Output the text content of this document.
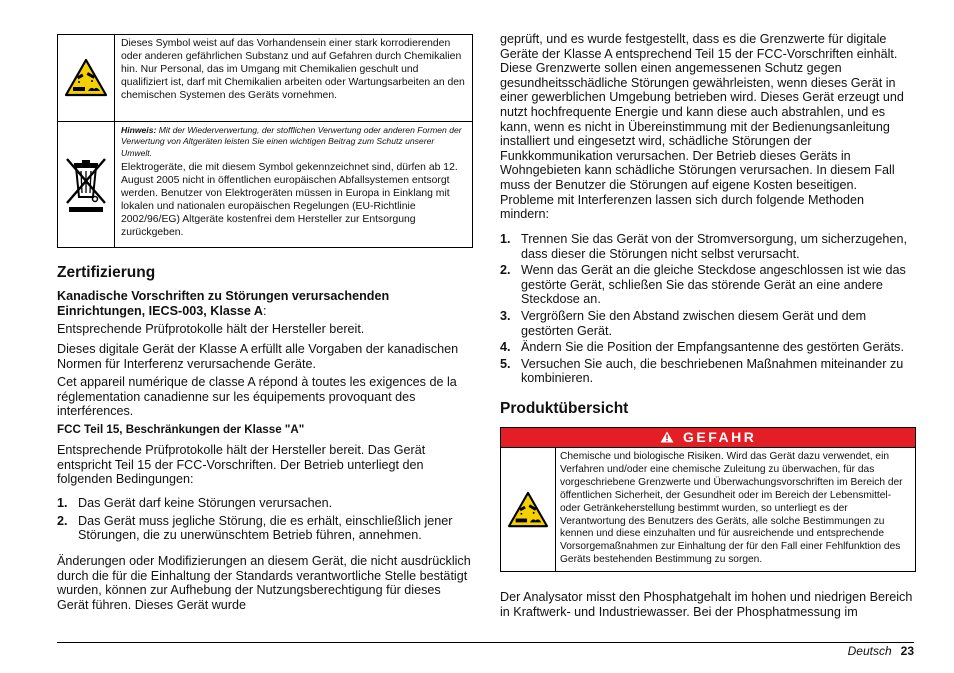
Dieses Symbol weist auf das Vorhandensein einer stark korrodierenden oder anderen gefährlichen Substanz und auf Gefahren durch Chemikalien hin. Nur Personal, das im Umgang mit Chemikalien geschult und qualifiziert ist, darf mit Chemikalien arbeiten oder Wartungsarbeiten an den chemischen Systemen des Geräts vornehmen.

Hinweis: Mit der Wiederverwertung, der stofflichen Verwertung oder anderen Formen der Verwertung von Altgeräten leisten Sie einen wichtigen Beitrag zum Schutz unserer Umwelt.

Elektrogeräte, die mit diesem Symbol gekennzeichnet sind, dürfen ab 12. August 2005 nicht in öffentlichen europäischen Abfallsystemen entsorgt werden. Benutzer von Elektrogeräten müssen in Europa in Einklang mit lokalen und nationalen europäischen Regelungen (EU-Richtlinie 2002/96/EG) Altgeräte kostenfrei dem Hersteller zur Entsorgung zurückgeben.

Zertifizierung
Kanadische Vorschriften zu Störungen verursachenden Einrichtungen, IECS-003, Klasse A:

Entsprechende Prüfprotokolle hält der Hersteller bereit.

Dieses digitale Gerät der Klasse A erfüllt alle Vorgaben der kanadischen Normen für Interferenz verursachende Geräte.

Cet appareil numérique de classe A répond à toutes les exigences de la réglementation canadienne sur les équipements provoquant des interférences.

FCC Teil 15, Beschränkungen der Klasse "A"

Entsprechende Prüfprotokolle hält der Hersteller bereit. Das Gerät entspricht Teil 15 der FCC-Vorschriften. Der Betrieb unterliegt den folgenden Bedingungen:

1. Das Gerät darf keine Störungen verursachen.
2. Das Gerät muss jegliche Störung, die es erhält, einschließlich jener Störungen, die zu unerwünschtem Betrieb führen, annehmen.

Änderungen oder Modifizierungen an diesem Gerät, die nicht ausdrücklich durch die für die Einhaltung der Standards verantwortliche Stelle bestätigt wurden, können zur Aufhebung der Nutzungsberechtigung für dieses Gerät führen. Dieses Gerät wurde

geprüft, und es wurde festgestellt, dass es die Grenzwerte für digitale Geräte der Klasse A entsprechend Teil 15 der FCC-Vorschriften einhält. Diese Grenzwerte sollen einen angemessenen Schutz gegen gesundheitsschädliche Störungen gewährleisten, wenn dieses Gerät in einer gewerblichen Umgebung betrieben wird. Dieses Gerät erzeugt und nutzt hochfrequente Energie und kann diese auch abstrahlen, und es kann, wenn es nicht in Übereinstimmung mit der Bedienungsanleitung installiert und eingesetzt wird, schädliche Störungen der Funkkommunikation verursachen. Der Betrieb dieses Geräts in Wohngebieten kann schädliche Störungen verursachen. In diesem Fall muss der Benutzer die Störungen auf eigene Kosten beseitigen. Probleme mit Interferenzen lassen sich durch folgende Methoden mindern:

1. Trennen Sie das Gerät von der Stromversorgung, um sicherzugehen, dass dieser die Störungen nicht selbst verursacht.
2. Wenn das Gerät an die gleiche Steckdose angeschlossen ist wie das gestörte Gerät, schließen Sie das störende Gerät an eine andere Steckdose an.
3. Vergrößern Sie den Abstand zwischen diesem Gerät und dem gestörten Gerät.
4. Ändern Sie die Position der Empfangsantenne des gestörten Geräts.
5. Versuchen Sie auch, die beschriebenen Maßnahmen miteinander zu kombinieren.
Produktübersicht
GEFAHR
Chemische und biologische Risiken. Wird das Gerät dazu verwendet, ein Verfahren und/oder eine chemische Zuleitung zu überwachen, für das vorgeschriebene Grenzwerte und Überwachungsvorschriften im Bereich der öffentlichen Sicherheit, der Gesundheit oder im Bereich der Lebensmittel- oder Getränkeherstellung bestimmt wurden, so unterliegt es der Verantwortung des Benutzers des Geräts, alle solche Bestimmungen zu kennen und diese einzuhalten und für ausreichende und entsprechende Vorsorgemaßnahmen zur Einhaltung der für den Fall einer Fehlfunktion des Geräts bestehenden Bestimmung zu sorgen.

Der Analysator misst den Phosphatgehalt im hohen und niedrigen Bereich in Kraftwerk- und Industriewasser. Bei der Phosphatmessung im

Deutsch 23
